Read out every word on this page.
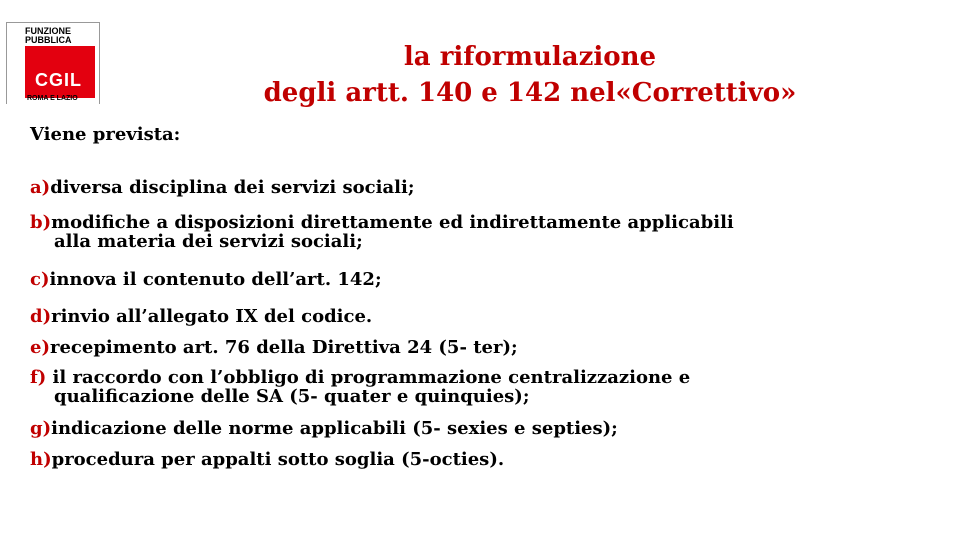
FUNZIONE
PUBBLICA
CGIL
ROMA E LAZIO
la riformulazione
degli artt. 140 e 142 nel«Correttivo»
Viene prevista:
a)diversa disciplina dei servizi sociali;
b)modifiche a disposizioni direttamente ed indirettamente applicabili
alla materia dei servizi sociali;
c)innova il contenuto dell’art. 142;
d)rinvio all’allegato IX del codice.
e)recepimento art. 76 della Direttiva 24 (5- ter);
f) il raccordo con l’obbligo di programmazione centralizzazione e
qualificazione delle SA (5- quater e quinquies);
g)indicazione delle norme applicabili (5- sexies e septies);
h)procedura per appalti sotto soglia (5-octies).
